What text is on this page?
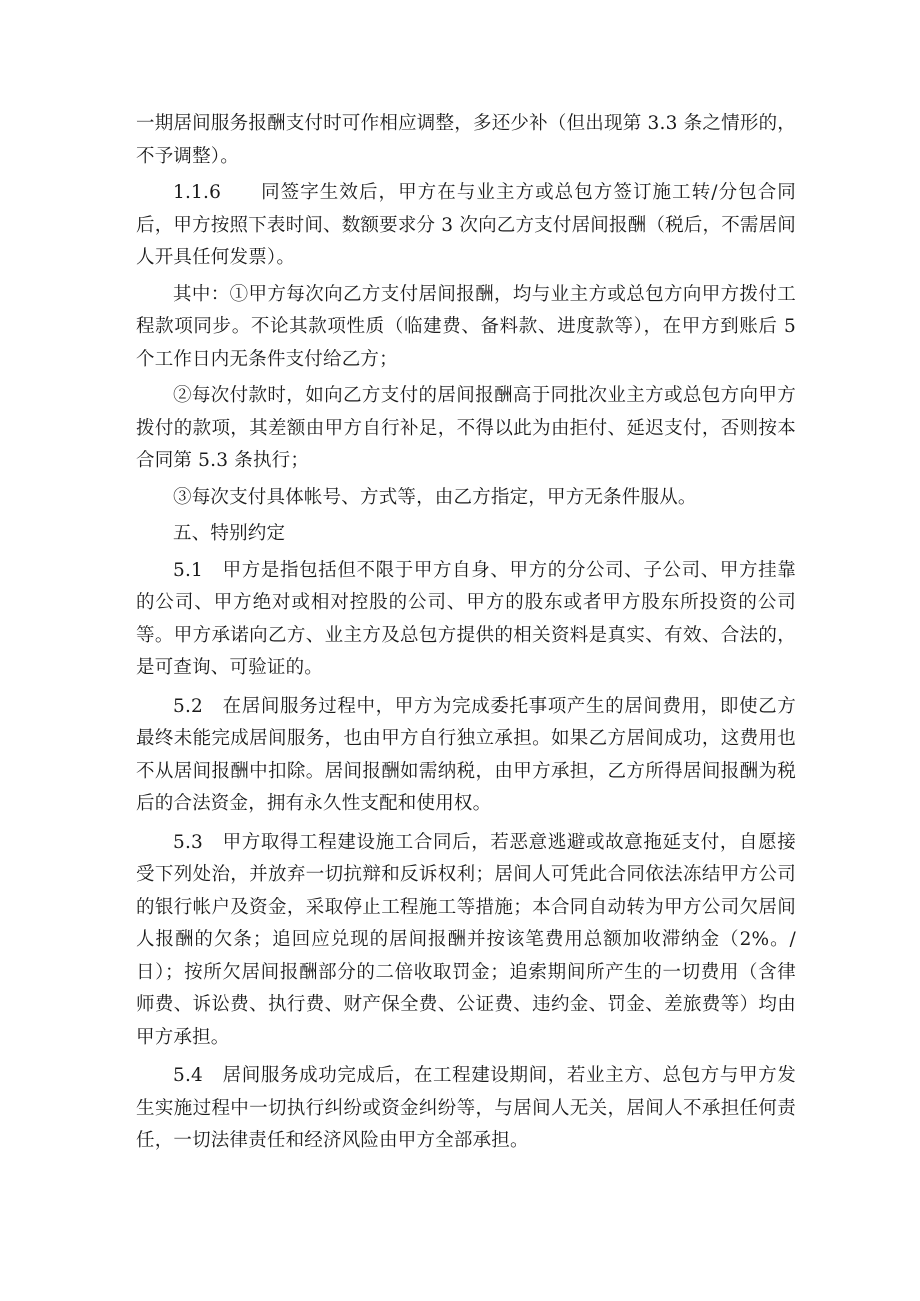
一期居间服务报酬支付时可作相应调整，多还少补（但出现第 3.3 条之情形的，不予调整）。

1.1.6　　同签字生效后，甲方在与业主方或总包方签订施工转/分包合同后，甲方按照下表时间、数额要求分 3 次向乙方支付居间报酬（税后，不需居间人开具任何发票）。

其中：①甲方每次向乙方支付居间报酬，均与业主方或总包方向甲方拨付工程款项同步。不论其款项性质（临建费、备料款、进度款等），在甲方到账后 5 个工作日内无条件支付给乙方；

②每次付款时，如向乙方支付的居间报酬高于同批次业主方或总包方向甲方拨付的款项，其差额由甲方自行补足，不得以此为由拒付、延迟支付，否则按本合同第 5.3 条执行；

③每次支付具体帐号、方式等，由乙方指定，甲方无条件服从。

五、特别约定

5.1　甲方是指包括但不限于甲方自身、甲方的分公司、子公司、甲方挂靠的公司、甲方绝对或相对控股的公司、甲方的股东或者甲方股东所投资的公司等。甲方承诺向乙方、业主方及总包方提供的相关资料是真实、有效、合法的，是可查询、可验证的。

5.2　在居间服务过程中，甲方为完成委托事项产生的居间费用，即使乙方最终未能完成居间服务，也由甲方自行独立承担。如果乙方居间成功，这费用也不从居间报酬中扣除。居间报酬如需纳税，由甲方承担，乙方所得居间报酬为税后的合法资金，拥有永久性支配和使用权。

5.3　甲方取得工程建设施工合同后，若恶意逃避或故意拖延支付，自愿接受下列处治，并放弃一切抗辩和反诉权利；居间人可凭此合同依法冻结甲方公司的银行帐户及资金，采取停止工程施工等措施；本合同自动转为甲方公司欠居间人报酬的欠条；追回应兑现的居间报酬并按该笔费用总额加收滞纳金（2%。/日）；按所欠居间报酬部分的二倍收取罚金；追索期间所产生的一切费用（含律师费、诉讼费、执行费、财产保全费、公证费、违约金、罚金、差旅费等）均由甲方承担。

5.4　居间服务成功完成后，在工程建设期间，若业主方、总包方与甲方发生实施过程中一切执行纠纷或资金纠纷等，与居间人无关，居间人不承担任何责任，一切法律责任和经济风险由甲方全部承担。
